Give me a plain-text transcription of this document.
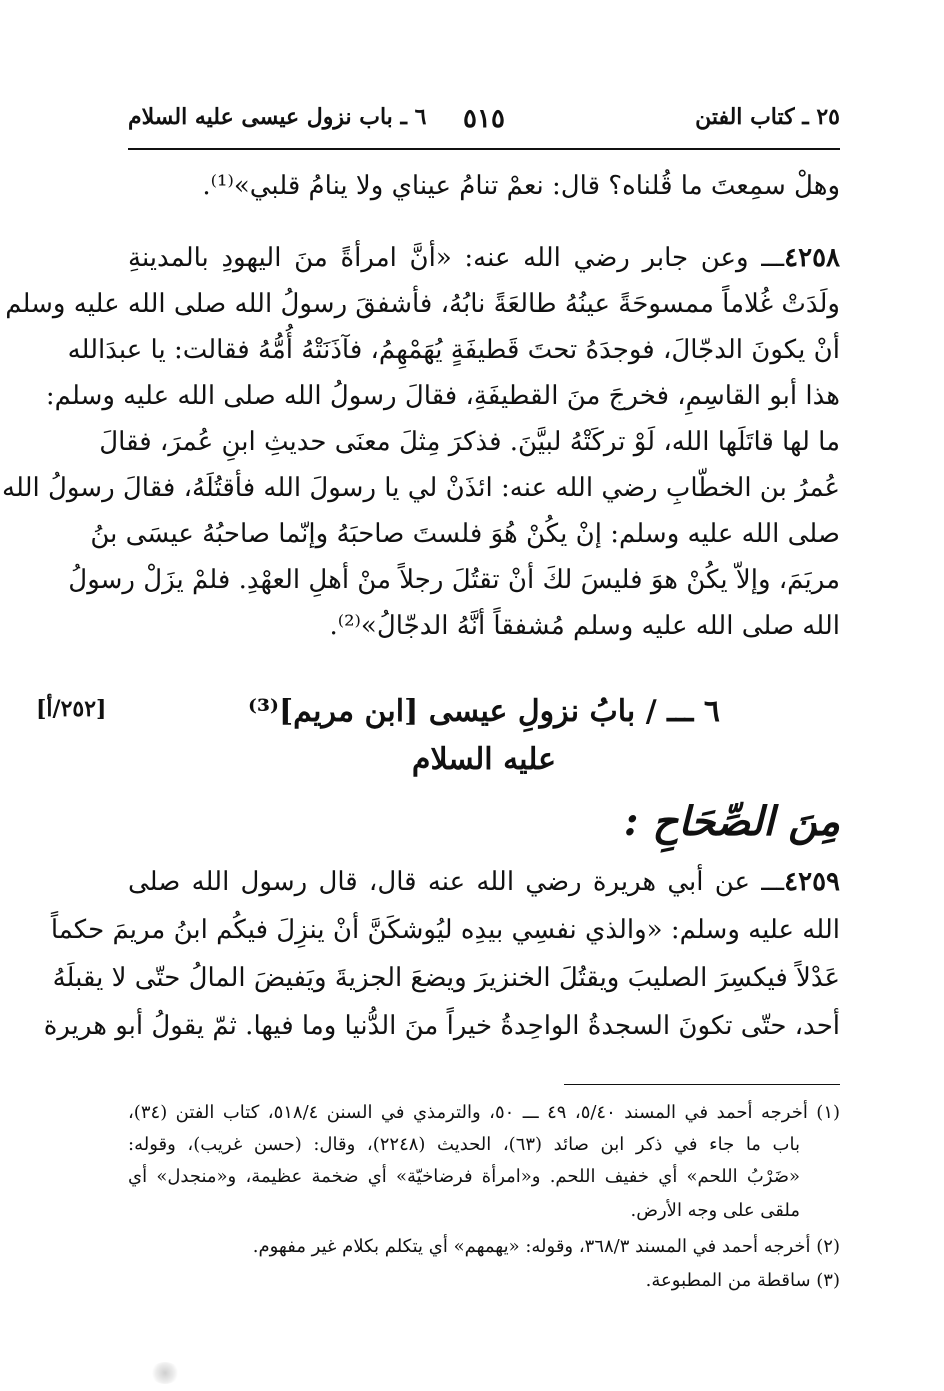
٢٥ ـ كتاب الفتن
٥١٥
٦ ـ باب نزول عيسى عليه السلام
وهلْ سمِعتَ ما قُلناه؟ قال: نعمْ تنامُ عيناي ولا ينامُ قلبي»⁽¹⁾.
٤٢٥٨ـــ وعن جابر رضي الله عنه: «أنَّ امرأةً منَ اليهودِ بالمدينةِ
ولَدَتْ غُلاماً ممسوحَةً عينُهُ طالعَةً نابُهُ، فأشفقَ رسولُ الله صلى الله عليه وسلم
أنْ يكونَ الدجّالَ، فوجدَهُ تحتَ قَطيفَةٍ يُهَمْهِمُ، فآذَنَتْهُ أُمُّهُ فقالت: يا عبدَالله
هذا أبو القاسِمِ، فخرجَ منَ القطيفَةِ، فقالَ رسولُ الله صلى الله عليه وسلم:
ما لها قاتَلَها الله، لَوْ تركَتْهُ لبيَّنَ. فذكرَ مِثلَ معنَى حديثِ ابنِ عُمرَ، فقالَ
عُمرُ بن الخطّابِ رضي الله عنه: ائذَنْ لي يا رسولَ الله فأقتُلَهُ، فقالَ رسولُ الله
صلى الله عليه وسلم: إنْ يكُنْ هُوَ فلستَ صاحبَهُ وإنّما صاحبُهُ عيسَى بنُ
مريَمَ، وإلاّ يكُنْ هوَ فليسَ لكَ أنْ تقتُلَ رجلاً منْ أهلِ العهْدِ. فلمْ يزَلْ رسولُ
الله صلى الله عليه وسلم مُشفقاً أنَّهُ الدجّالُ»⁽²⁾.
٦ ـــ / بابُ نزولِ عيسى [ابن مريم]⁽³⁾
عليه السلام
[٢٥٢/أ]
مِنَ الصِّحَاحِ :
٤٢٥٩ـــ عن أبي هريرة رضي الله عنه قال، قال رسول الله صلى
الله عليه وسلم: «والذي نفسِي بيدِه ليُوشكَنَّ أنْ ينزِلَ فيكُم ابنُ مريمَ حكماً
عَدْلاً فيكسِرَ الصليبَ ويقتُلَ الخنزيرَ ويضعَ الجزيةَ ويَفيضَ المالُ حتّى لا يقبلَهُ
أحد، حتّى تكونَ السجدةُ الواحِدةُ خيراً منَ الدُّنيا وما فيها. ثمّ يقولُ أبو هريرة
(١) أخرجه أحمد في المسند ٥/٤٠، ٤٩ ـــ ٥٠، والترمذي في السنن ٥١٨/٤، كتاب الفتن (٣٤)،
باب ما جاء في ذكر ابن صائد (٦٣)، الحديث (٢٢٤٨)، وقال: (حسن غريب)، وقوله:
«ضَرْبُ اللحم» أي خفيف اللحم. و«امرأة فرضاخيّة» أي ضخمة عظيمة، و«منجدل» أي
ملقى على وجه الأرض.
(٢) أخرجه أحمد في المسند ٣٦٨/٣، وقوله: «يهمهم» أي يتكلم بكلام غير مفهوم.
(٣) ساقطة من المطبوعة.
